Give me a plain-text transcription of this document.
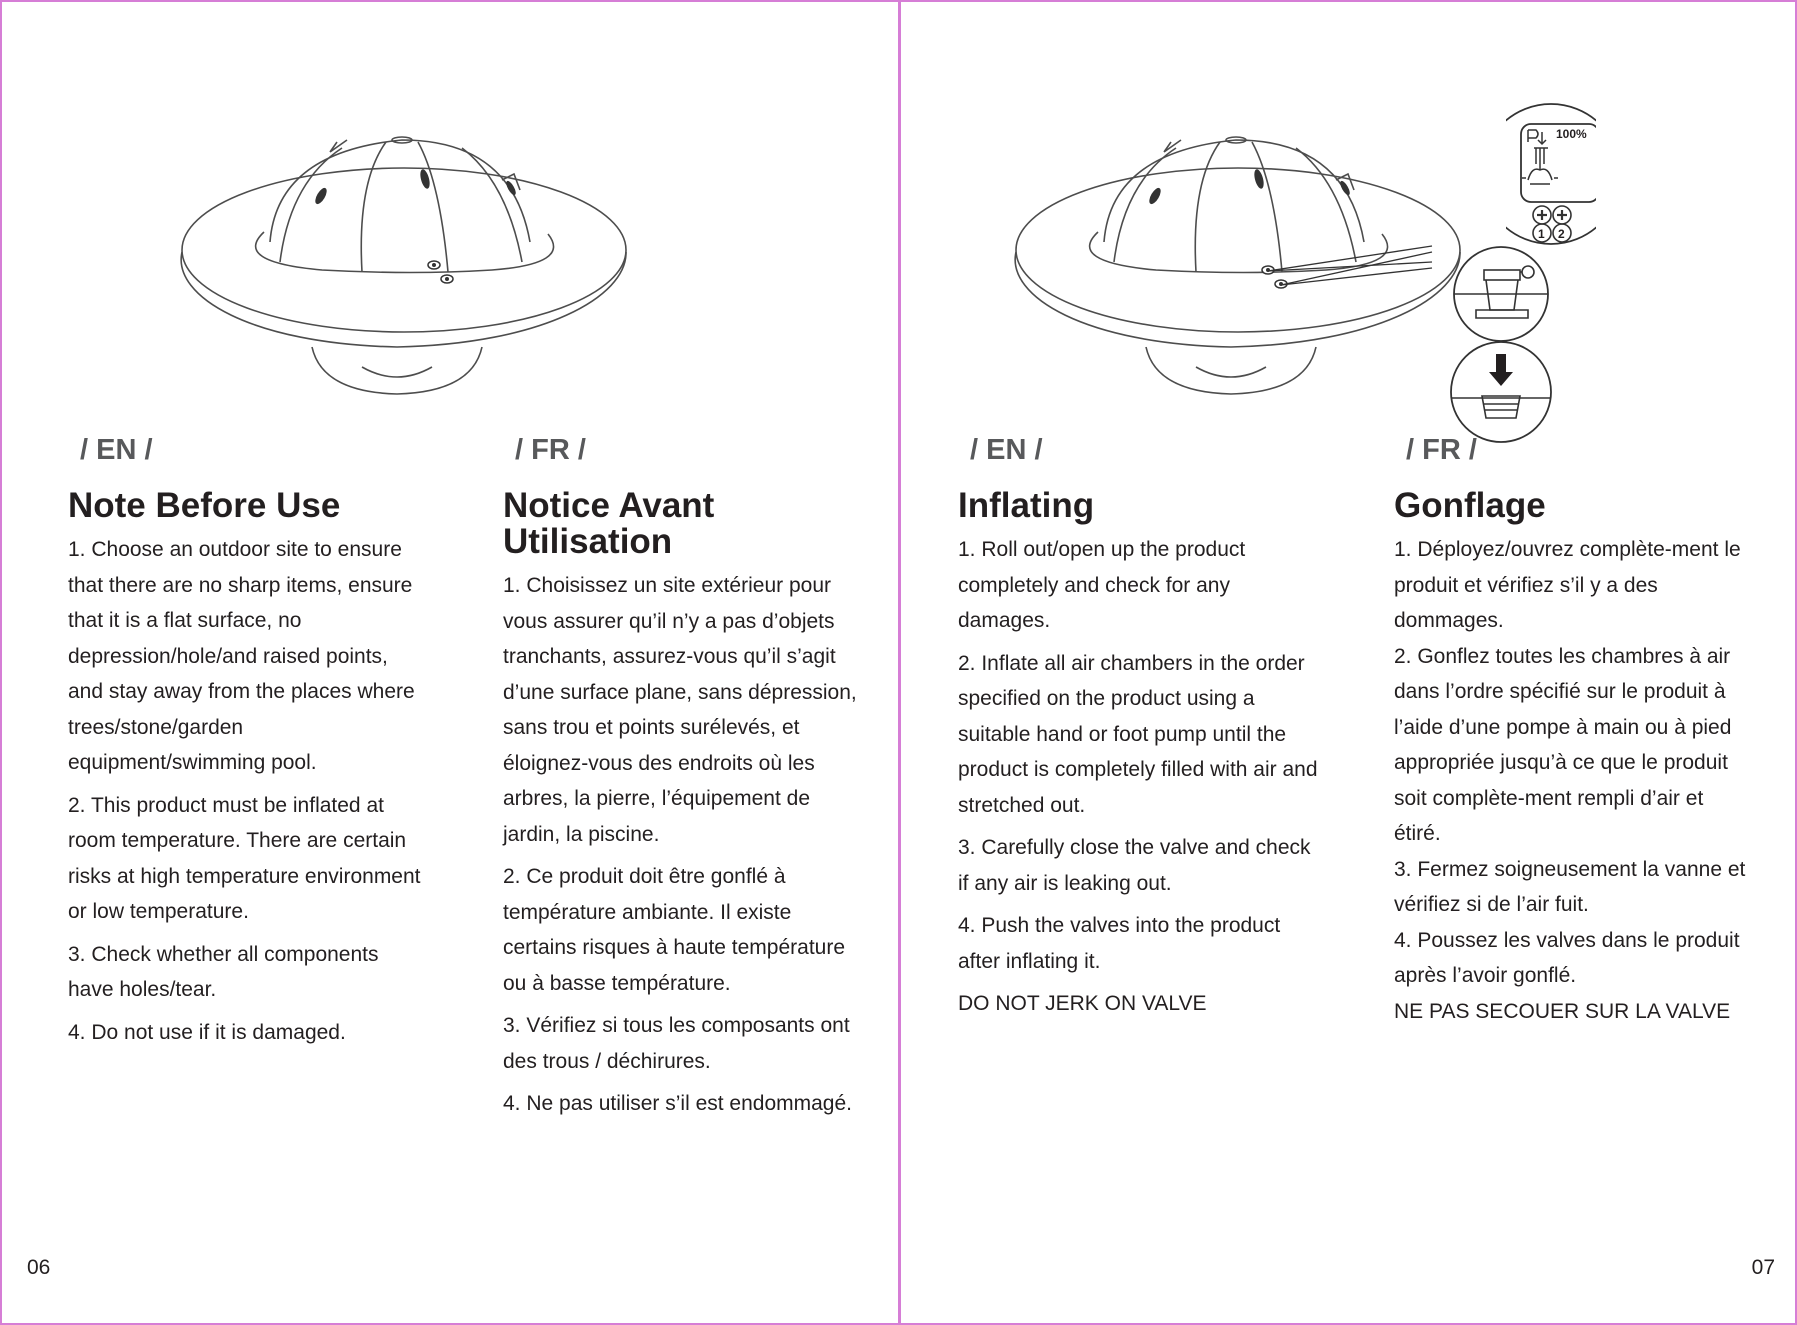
/ EN /

Note Before Use
1. Choose an outdoor site to ensure that there are no sharp items, ensure that it is a flat surface, no depression/hole/and raised points, and stay away from the places where trees/stone/garden equipment/swimming pool.
2. This product must be inflated at room temperature. There are certain risks at high temperature environment or low temperature.
3. Check whether all components have holes/tear.
4. Do not use if it is damaged.

/ FR /

Notice Avant Utilisation
1. Choisissez un site extérieur pour vous assurer qu’il n’y a pas d’objets tranchants, assurez-vous qu’il s’agit d’une surface plane, sans dépression, sans trou et points surélevés, et éloignez-vous des endroits où les arbres, la pierre, l’équipement de jardin, la piscine.
2. Ce produit doit être gonflé à température ambiante. Il existe certains risques à haute température ou à basse température.
3. Vérifiez si tous les composants ont des trous / déchirures.
4. Ne pas utiliser s’il est endommagé.
06
100%
1 2

/ EN /

Inflating
1. Roll out/open up the product completely and check for any damages.
2. Inflate all air chambers in the order specified on the product using a suitable hand or foot pump until the product is completely filled with air and stretched out.
3. Carefully close the valve and check if any air is leaking out.
4. Push the valves into the product after inflating it.
DO NOT JERK ON VALVE

/ FR /

Gonflage
1. Déployez/ouvrez complète-ment le produit et vérifiez s’il y a des dommages.
2. Gonflez toutes les chambres à air dans l’ordre spécifié sur le produit à l’aide d’une pompe à main ou à pied appropriée jusqu’à ce que le produit soit complète-ment rempli d’air et étiré.
3. Fermez soigneusement la vanne et vérifiez si de l’air fuit.
4. Poussez les valves dans le produit après l’avoir gonflé.
NE PAS SECOUER SUR LA VALVE
07
